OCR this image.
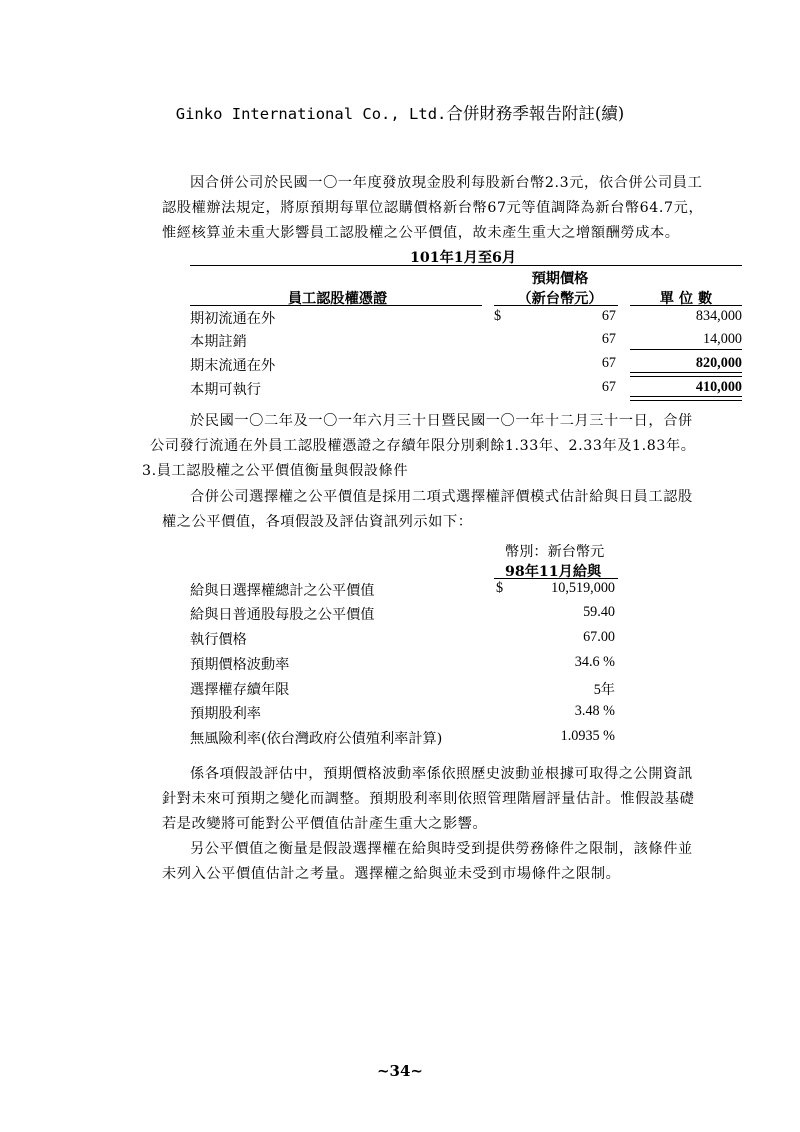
Ginko International Co., Ltd.合併財務季報告附註(續)
因合併公司於民國一〇一年度發放現金股利每股新台幣2.3元，依合併公司員工
認股權辦法規定，將原預期每單位認購價格新台幣67元等值調降為新台幣64.7元，
惟經核算並未重大影響員工認股權之公平價值，故未產生重大之增額酬勞成本。
101年1月至6月
預期價格
（新台幣元）
員工認股權憑證	單 位 數
期初流通在外	$	67	834,000
本期註銷	67	14,000
期末流通在外	67	820,000
本期可執行	67	410,000
於民國一〇二年及一〇一年六月三十日暨民國一〇一年十二月三十一日，合併
公司發行流通在外員工認股權憑證之存續年限分別剩餘1.33年、2.33年及1.83年。
3.員工認股權之公平價值衡量與假設條件
合併公司選擇權之公平價值是採用二項式選擇權評價模式估計給與日員工認股
權之公平價值，各項假設及評估資訊列示如下：
幣別：新台幣元
98年11月給與
$
給與日選擇權總計之公平價值	10,519,000
給與日普通股每股之公平價值	59.40
執行價格	67.00
預期價格波動率	34.6 %
選擇權存續年限	5年
預期股利率	3.48 %
無風險利率(依台灣政府公債殖利率計算)	1.0935 %
係各項假設評估中，預期價格波動率係依照歷史波動並根據可取得之公開資訊
針對未來可預期之變化而調整。預期股利率則依照管理階層評量估計。惟假設基礎
若是改變將可能對公平價值估計產生重大之影響。
另公平價值之衡量是假設選擇權在給與時受到提供勞務條件之限制，該條件並
未列入公平價值估計之考量。選擇權之給與並未受到市場條件之限制。
~34~
